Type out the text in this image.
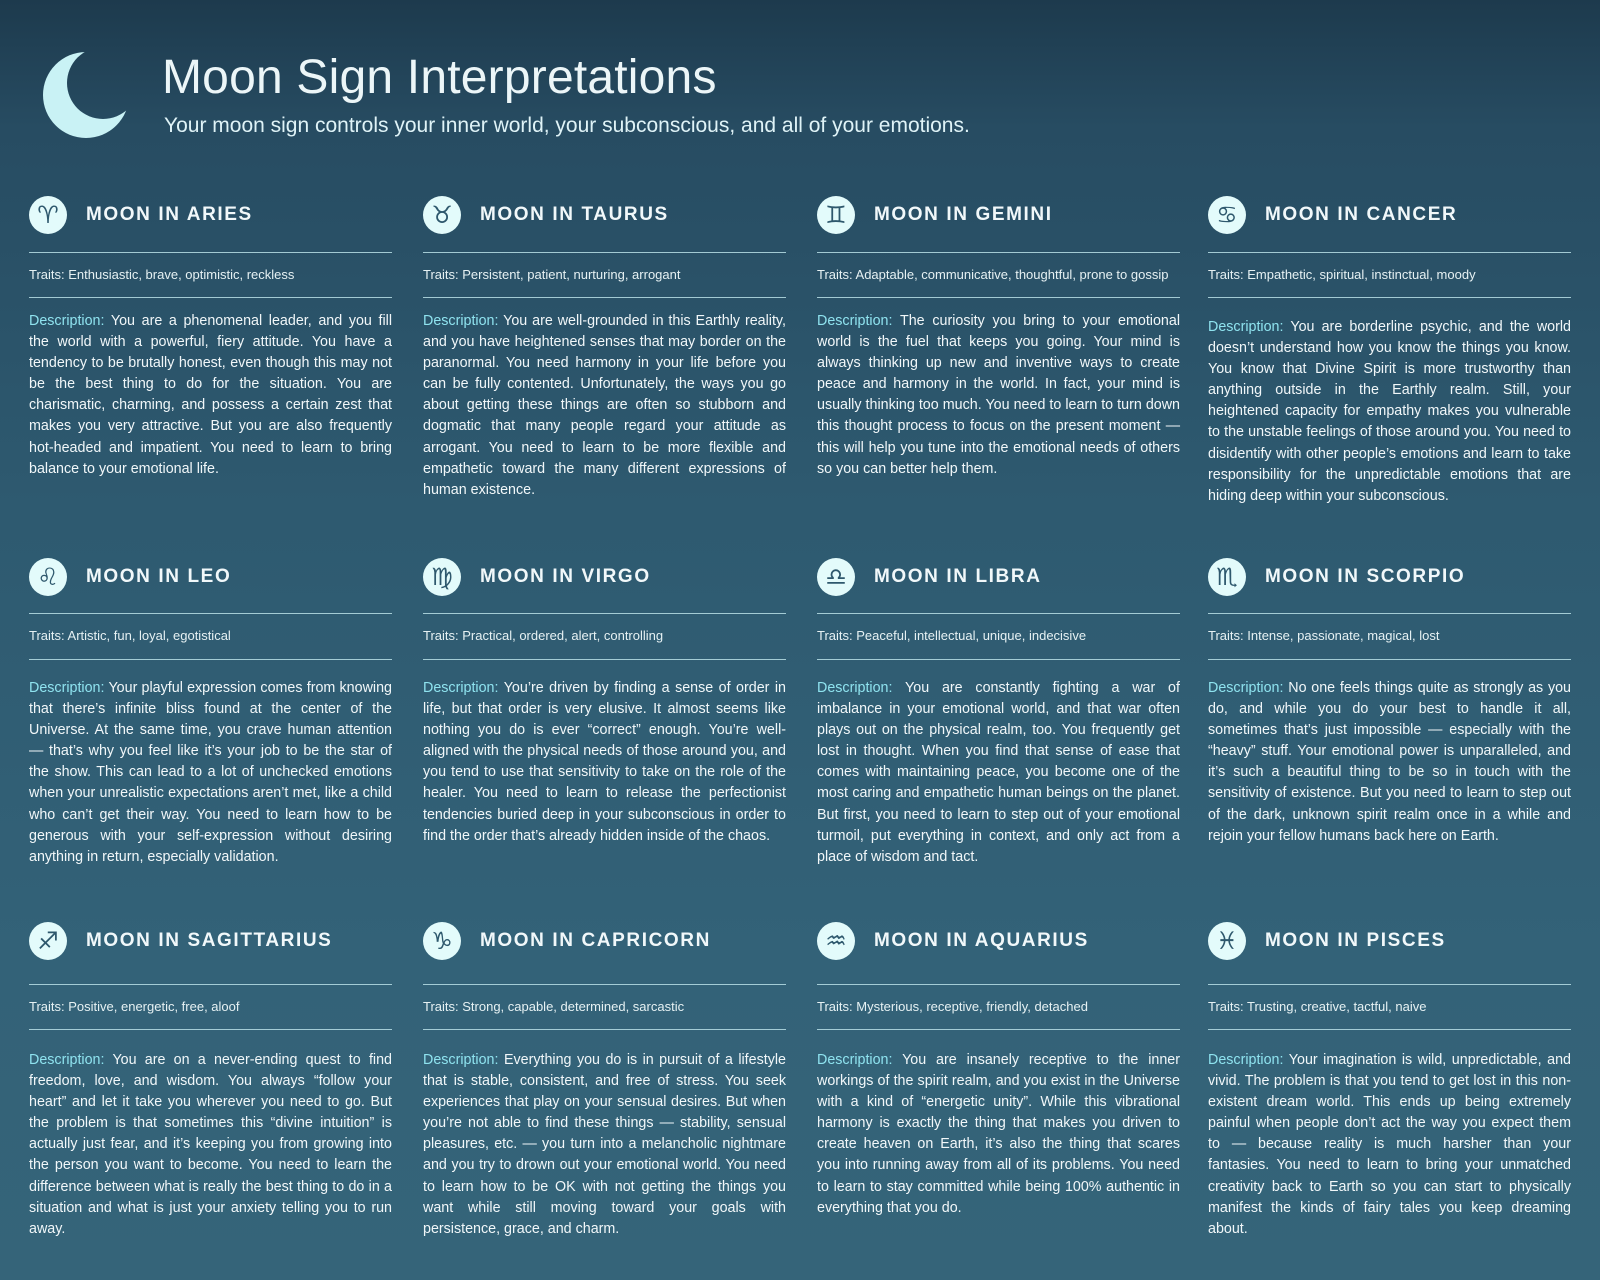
Moon Sign Interpretations
Your moon sign controls your inner world, your subconscious, and all of your emotions.
♈	MOON IN ARIES
Traits: Enthusiastic, brave, optimistic, reckless
Description: You are a phenomenal leader, and you fill the world with a powerful, fiery attitude. You have a tendency to be brutally honest, even though this may not be the best thing to do for the situation. You are charismatic, charming, and possess a certain zest that makes you very attractive. But you are also frequently hot-headed and impatient. You need to learn to bring balance to your emotional life.
♉	MOON IN TAURUS
Traits: Persistent, patient, nurturing, arrogant
Description: You are well-grounded in this Earthly reality, and you have heightened senses that may border on the paranormal. You need harmony in your life before you can be fully contented. Unfortunately, the ways you go about getting these things are often so stubborn and dogmatic that many people regard your attitude as arrogant. You need to learn to be more flexible and empathetic toward the many different expressions of human existence.
♊	MOON IN GEMINI
Traits: Adaptable, communicative, thoughtful, prone to gossip
Description: The curiosity you bring to your emotional world is the fuel that keeps you going. Your mind is always thinking up new and inventive ways to create peace and harmony in the world. In fact, your mind is usually thinking too much. You need to learn to turn down this thought process to focus on the present moment — this will help you tune into the emotional needs of others so you can better help them.
♋	MOON IN CANCER
Traits: Empathetic, spiritual, instinctual, moody
Description: You are borderline psychic, and the world doesn’t understand how you know the things you know. You know that Divine Spirit is more trustworthy than anything outside in the Earthly realm. Still, your heightened capacity for empathy makes you vulnerable to the unstable feelings of those around you. You need to disidentify with other people’s emotions and learn to take responsibility for the unpredictable emotions that are hiding deep within your subconscious.
♌	MOON IN LEO
Traits: Artistic, fun, loyal, egotistical
Description: Your playful expression comes from knowing that there’s infinite bliss found at the center of the Universe. At the same time, you crave human attention — that’s why you feel like it’s your job to be the star of the show. This can lead to a lot of unchecked emotions when your unrealistic expectations aren’t met, like a child who can’t get their way. You need to learn how to be generous with your self-expression without desiring anything in return, especially validation.
♍	MOON IN VIRGO
Traits: Practical, ordered, alert, controlling
Description: You’re driven by finding a sense of order in life, but that order is very elusive. It almost seems like nothing you do is ever “correct” enough. You’re well-aligned with the physical needs of those around you, and you tend to use that sensitivity to take on the role of the healer. You need to learn to release the perfectionist tendencies buried deep in your subconscious in order to find the order that’s already hidden inside of the chaos.
♎	MOON IN LIBRA
Traits: Peaceful, intellectual, unique, indecisive
Description: You are constantly fighting a war of imbalance in your emotional world, and that war often plays out on the physical realm, too. You frequently get lost in thought. When you find that sense of ease that comes with maintaining peace, you become one of the most caring and empathetic human beings on the planet. But first, you need to learn to step out of your emotional turmoil, put everything in context, and only act from a place of wisdom and tact.
♏	MOON IN SCORPIO
Traits: Intense, passionate, magical, lost
Description: No one feels things quite as strongly as you do, and while you do your best to handle it all, sometimes that’s just impossible — especially with the “heavy” stuff. Your emotional power is unparalleled, and it’s such a beautiful thing to be so in touch with the sensitivity of existence. But you need to learn to step out of the dark, unknown spirit realm once in a while and rejoin your fellow humans back here on Earth.
♐	MOON IN SAGITTARIUS
Traits: Positive, energetic, free, aloof
Description: You are on a never-ending quest to find freedom, love, and wisdom. You always “follow your heart” and let it take you wherever you need to go. But the problem is that sometimes this “divine intuition” is actually just fear, and it’s keeping you from growing into the person you want to become. You need to learn the difference between what is really the best thing to do in a situation and what is just your anxiety telling you to run away.
♑	MOON IN CAPRICORN
Traits: Strong, capable, determined, sarcastic
Description: Everything you do is in pursuit of a lifestyle that is stable, consistent, and free of stress. You seek experiences that play on your sensual desires. But when you’re not able to find these things — stability, sensual pleasures, etc. — you turn into a melancholic nightmare and you try to drown out your emotional world. You need to learn how to be OK with not getting the things you want while still moving toward your goals with persistence, grace, and charm.
♒	MOON IN AQUARIUS
Traits: Mysterious, receptive, friendly, detached
Description: You are insanely receptive to the inner workings of the spirit realm, and you exist in the Universe with a kind of “energetic unity”. While this vibrational harmony is exactly the thing that makes you driven to create heaven on Earth, it’s also the thing that scares you into running away from all of its problems. You need to learn to stay committed while being 100% authentic in everything that you do.
♓	MOON IN PISCES
Traits: Trusting, creative, tactful, naive
Description: Your imagination is wild, unpredictable, and vivid. The problem is that you tend to get lost in this non-existent dream world. This ends up being extremely painful when people don’t act the way you expect them to — because reality is much harsher than your fantasies. You need to learn to bring your unmatched creativity back to Earth so you can start to physically manifest the kinds of fairy tales you keep dreaming about.
